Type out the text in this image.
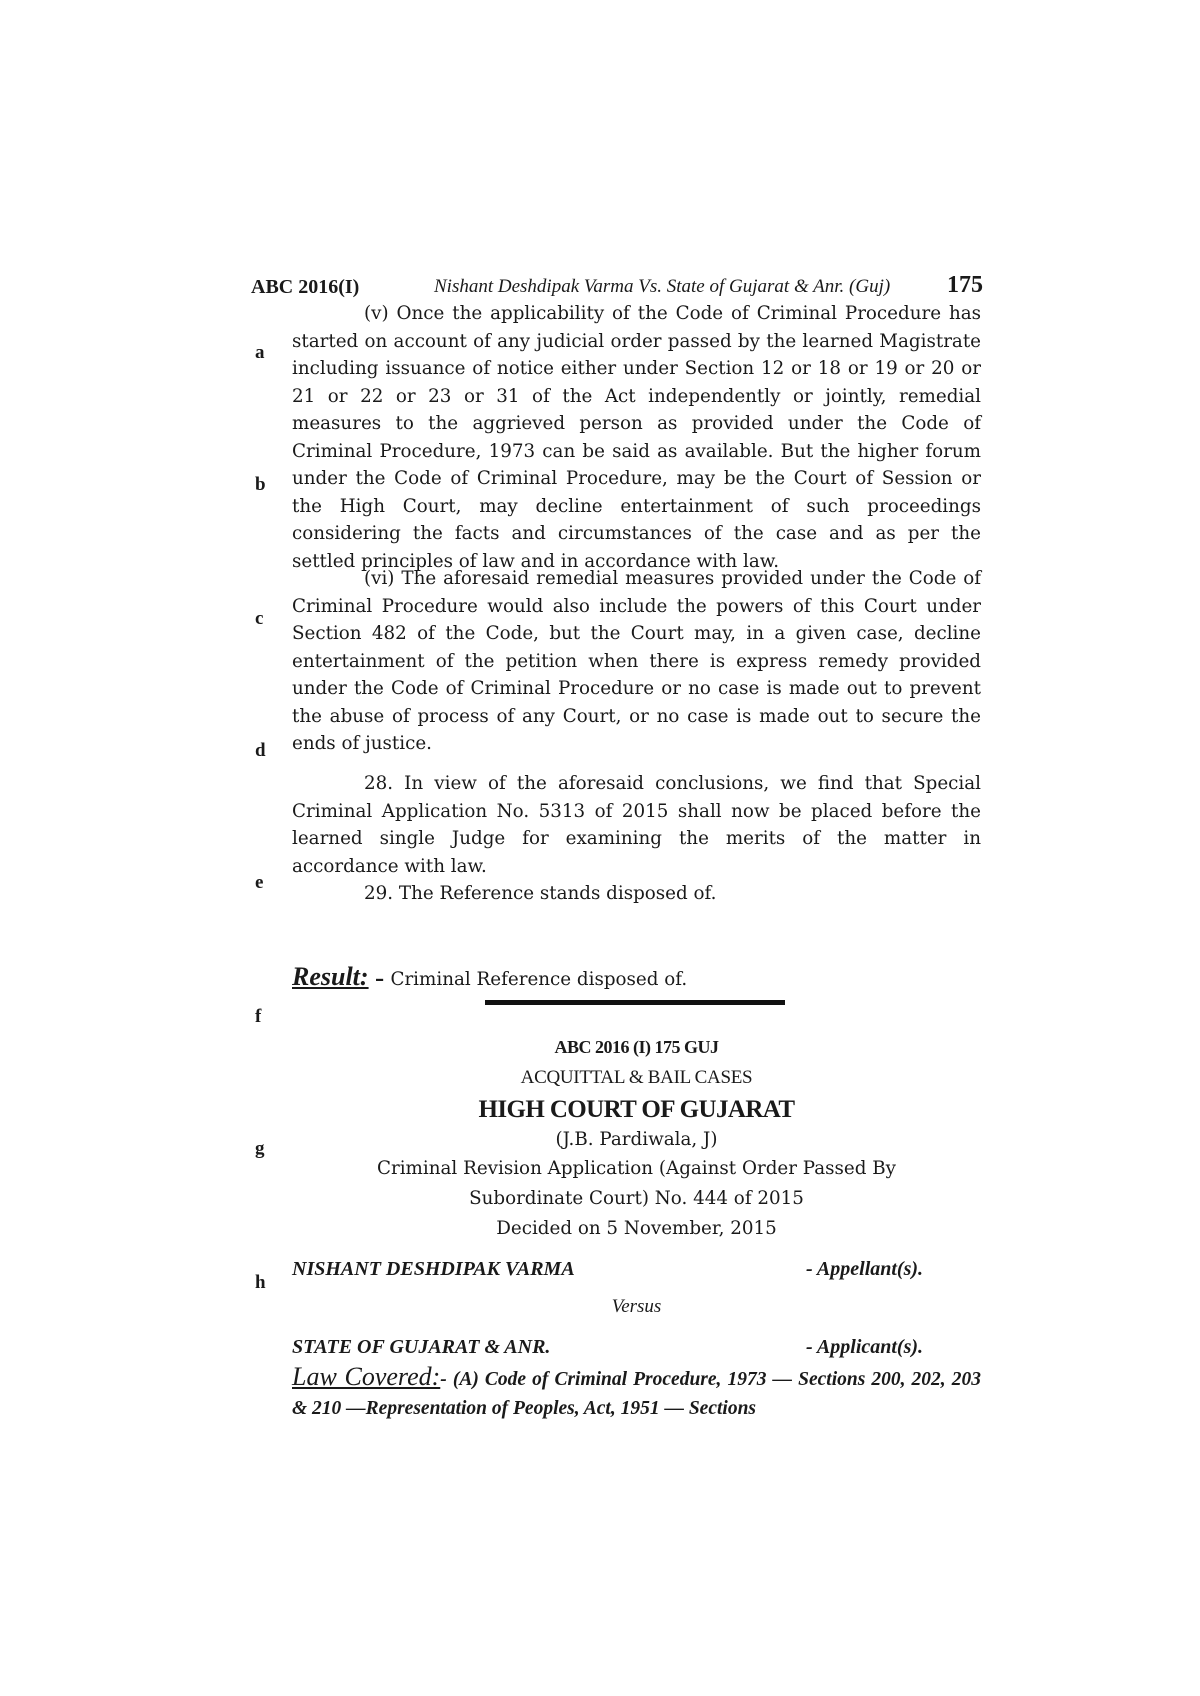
ABC 2016(I)	Nishant Deshdipak Varma Vs. State of Gujarat & Anr. (Guj) 175
a
b
c
d
e
f
g
h

(v) Once the applicability of the Code of Criminal Procedure has started on account of any judicial order passed by the learned Magistrate including issuance of notice either under Section 12 or 18 or 19 or 20 or 21 or 22 or 23 or 31 of the Act independently or jointly, remedial measures to the aggrieved person as provided under the Code of Criminal Procedure, 1973 can be said as available. But the higher forum under the Code of Criminal Procedure, may be the Court of Session or the High Court, may decline entertainment of such proceedings considering the facts and circumstances of the case and as per the settled principles of law and in accordance with law.

(vi) The aforesaid remedial measures provided under the Code of Criminal Procedure would also include the powers of this Court under Section 482 of the Code, but the Court may, in a given case, decline entertainment of the petition when there is express remedy provided under the Code of Criminal Procedure or no case is made out to prevent the abuse of process of any Court, or no case is made out to secure the ends of justice.

28. In view of the aforesaid conclusions, we find that Special Criminal Application No. 5313 of 2015 shall now be placed before the learned single Judge for examining the merits of the matter in accordance with law.

29. The Reference stands disposed of.

Result: – Criminal Reference disposed of.
ABC 2016 (I) 175 GUJ
ACQUITTAL & BAIL CASES
HIGH COURT OF GUJARAT
(J.B. Pardiwala, J)
Criminal Revision Application (Against Order Passed By
Subordinate Court) No. 444 of 2015
Decided on 5 November, 2015
NISHANT DESHDIPAK VARMA	- Appellant(s).
Versus
STATE OF GUJARAT & ANR.	- Applicant(s).
Law Covered:- (A) Code of Criminal Procedure, 1973 — Sections 200, 202, 203 & 210 —Representation of Peoples, Act, 1951 — Sections
